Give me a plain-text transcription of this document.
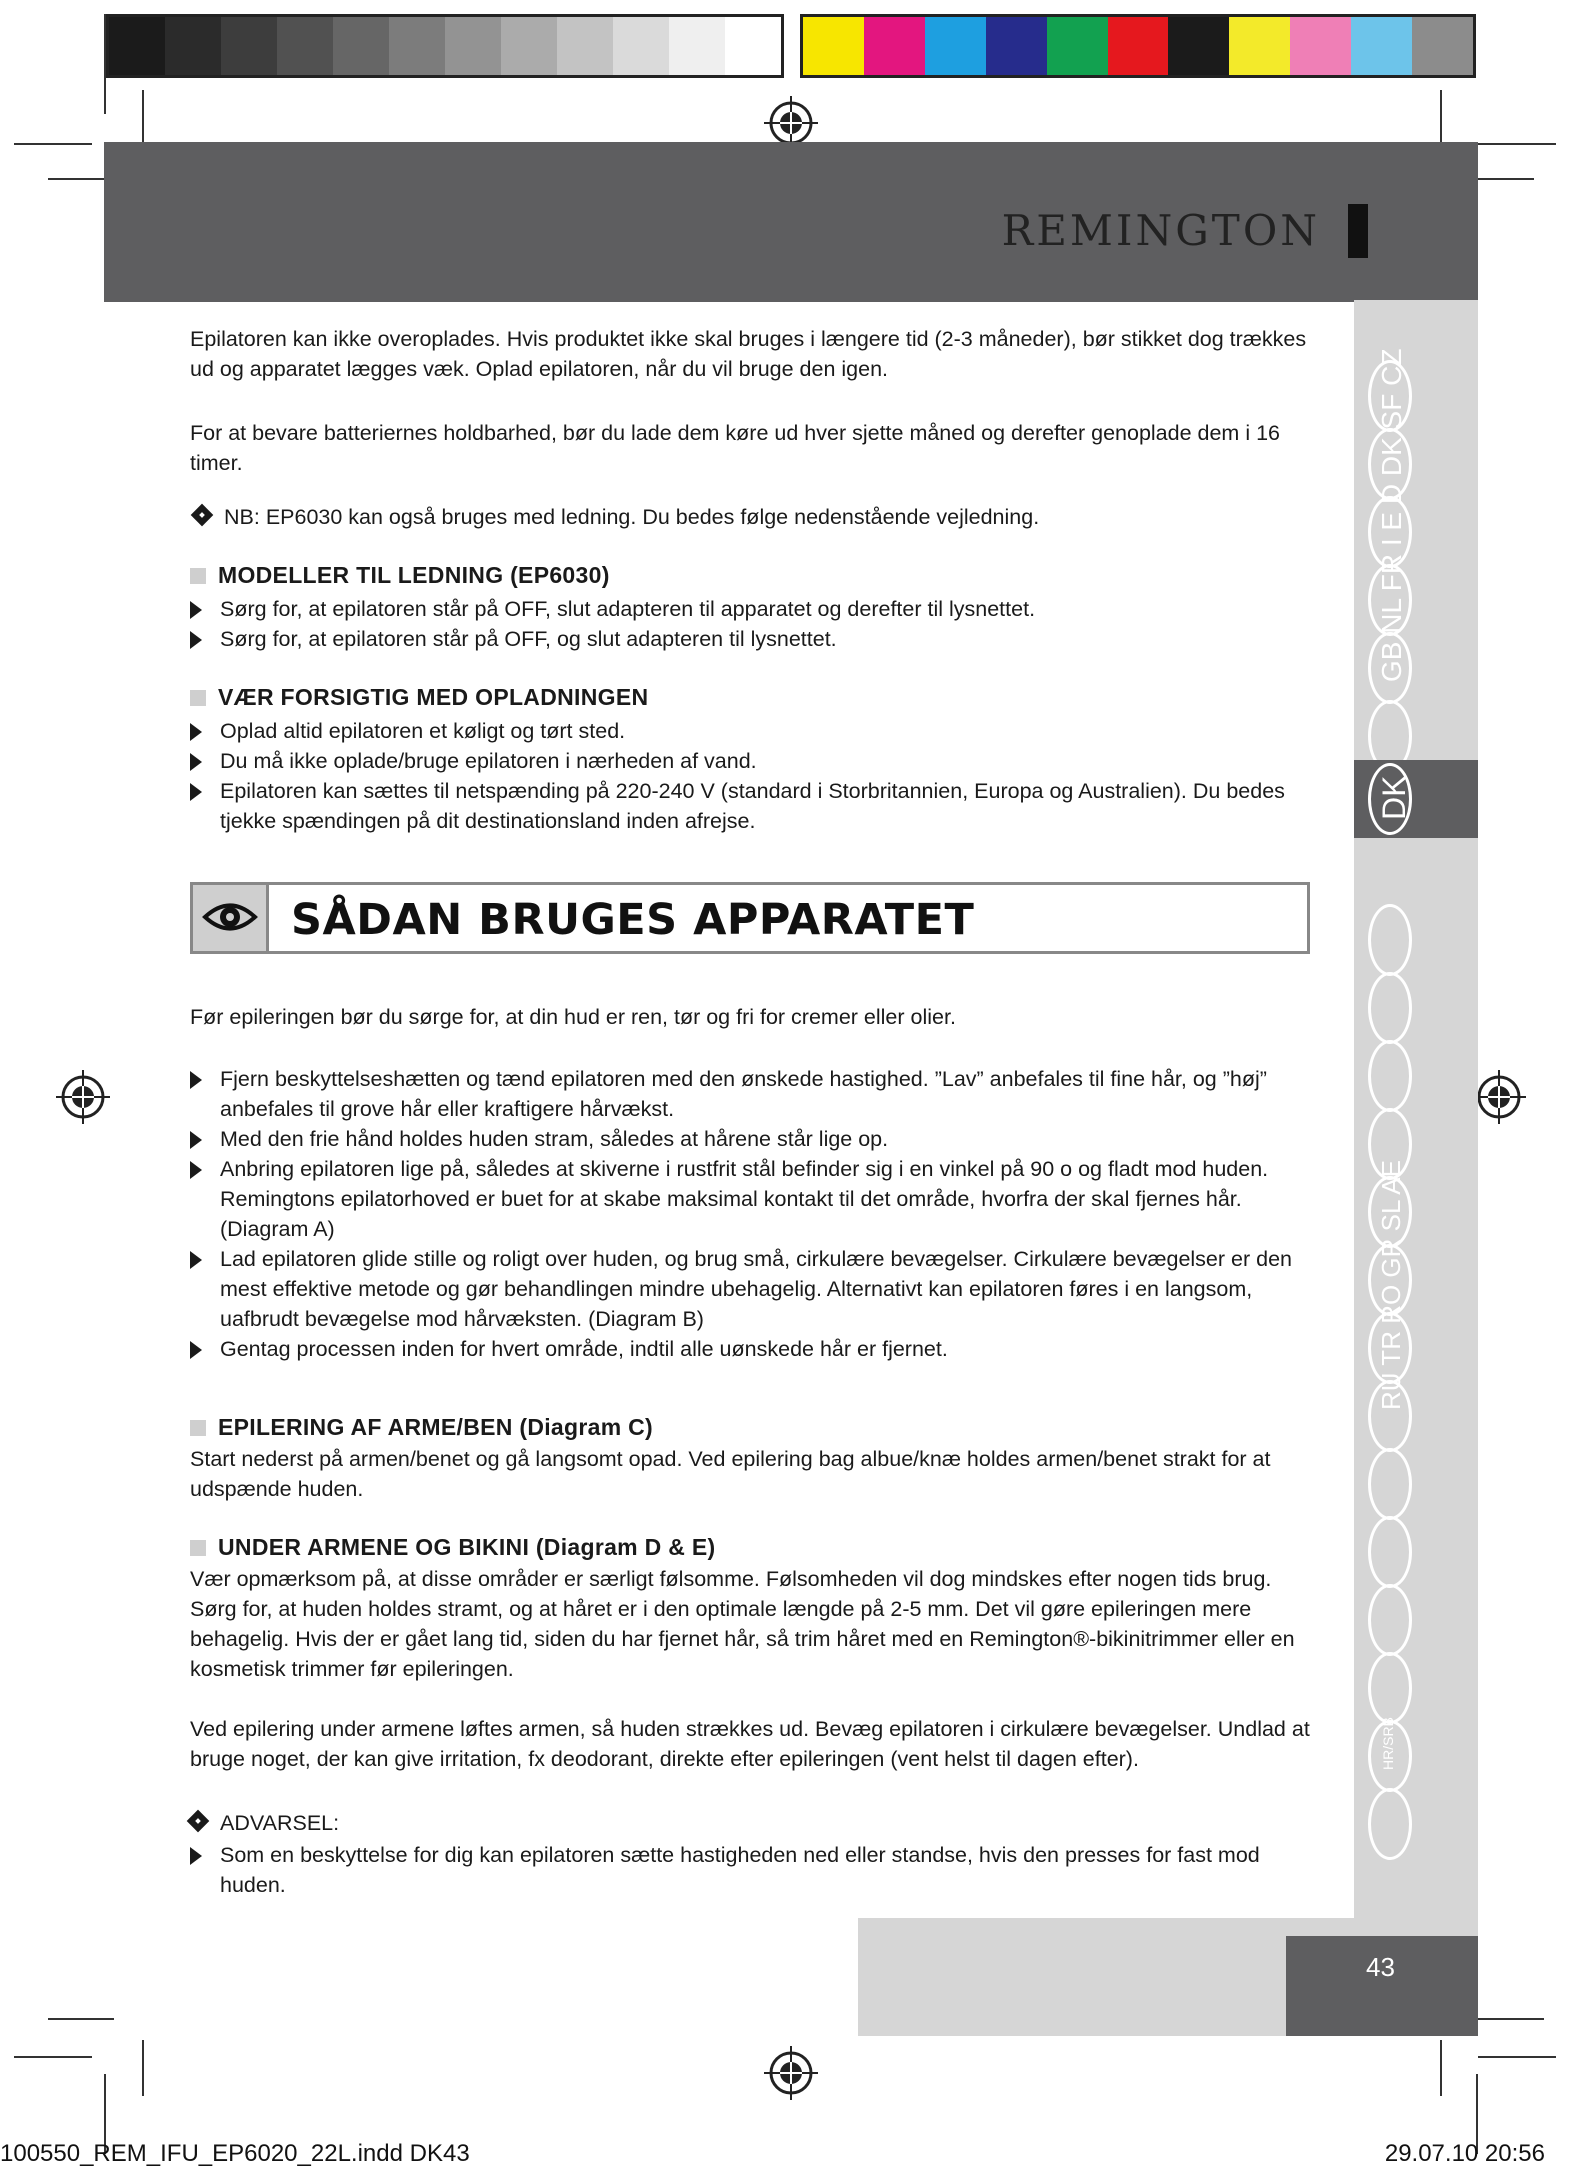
REMINGTON
GB NL FR I E D DK SF CZ
RU TR RO GR SL AE
HR/SRB
DK
43

Epilatoren kan ikke overoplades. Hvis produktet ikke skal bruges i længere tid (2-3 måneder), bør stikket dog trækkes ud og apparatet lægges væk. Oplad epilatoren, når du vil bruge den igen.

For at bevare batteriernes holdbarhed, bør du lade dem køre ud hver sjette måned og derefter genoplade dem i 16 timer.

NB: EP6030 kan også bruges med ledning. Du bedes følge nedenstående vejledning.

MODELLER TIL LEDNING (EP6030)

Sørg for, at epilatoren står på OFF, slut adapteren til apparatet og derefter til lysnettet.

Sørg for, at epilatoren står på OFF, og slut adapteren til lysnettet.

VÆR FORSIGTIG MED OPLADNINGEN

Oplad altid epilatoren et køligt og tørt sted.

Du må ikke oplade/bruge epilatoren i nærheden af vand.

Epilatoren kan sættes til netspænding på 220-240 V (standard i Storbritannien, Europa og Australien). Du bedes tjekke spændingen på dit destinationsland inden afrejse.

SÅDAN BRUGES APPARATET

Før epileringen bør du sørge for, at din hud er ren, tør og fri for cremer eller olier.

Fjern beskyttelseshætten og tænd epilatoren med den ønskede hastighed. ”Lav” anbefales til fine hår, og ”høj” anbefales til grove hår eller kraftigere hårvækst.

Med den frie hånd holdes huden stram, således at hårene står lige op.

Anbring epilatoren lige på, således at skiverne i rustfrit stål befinder sig i en vinkel på 90 o og fladt mod huden. Remingtons epilatorhoved er buet for at skabe maksimal kontakt til det område, hvorfra der skal fjernes hår. (Diagram A)

Lad epilatoren glide stille og roligt over huden, og brug små, cirkulære bevægelser. Cirkulære bevægelser er den mest effektive metode og gør behandlingen mindre ubehagelig. Alternativt kan epilatoren føres i en langsom, uafbrudt bevægelse mod hårvæksten. (Diagram B)

Gentag processen inden for hvert område, indtil alle uønskede hår er fjernet.

EPILERING AF ARME/BEN (Diagram C)

Start nederst på armen/benet og gå langsomt opad. Ved epilering bag albue/knæ holdes armen/benet strakt for at udspænde huden.

UNDER ARMENE OG BIKINI (Diagram D & E)

Vær opmærksom på, at disse områder er særligt følsomme. Følsomheden vil dog mindskes efter nogen tids brug. Sørg for, at huden holdes stramt, og at håret er i den optimale længde på 2-5 mm. Det vil gøre epileringen mere behagelig. Hvis der er gået lang tid, siden du har fjernet hår, så trim håret med en Remington®-bikinitrimmer eller en kosmetisk trimmer før epileringen.

Ved epilering under armene løftes armen, så huden strækkes ud. Bevæg epilatoren i cirkulære bevægelser. Undlad at bruge noget, der kan give irritation, fx deodorant, direkte efter epileringen (vent helst til dagen efter).

ADVARSEL:

Som en beskyttelse for dig kan epilatoren sætte hastigheden ned eller standse, hvis den presses for fast mod huden.

100550_REM_IFU_EP6020_22L.indd DK43	29.07.10 20:56
